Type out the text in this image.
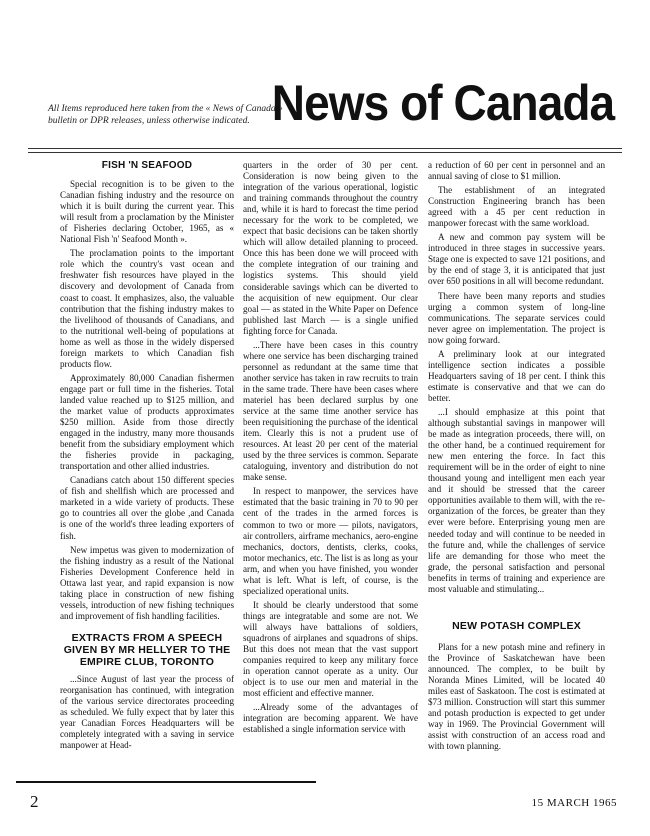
All Items reproduced here taken from the « News of Canada » bulletin or DPR releases, unless otherwise indicated. News of Canada
FISH 'N SEAFOOD

Special recognition is to be given to the Canadian fishing industry and the resource on which it is built during the current year. This will result from a proclamation by the Minister of Fisheries declaring October, 1965, as « National Fish 'n' Seafood Month ».

The proclamation points to the important role which the country's vast ocean and freshwater fish resources have played in the discovery and devolopment of Canada from coast to coast. It emphasizes, also, the valuable contribution that the fishing industry makes to the livelihood of thousands of Canadians, and to the nutritional well-being of populations at home as well as those in the widely dispersed foreign markets to which Canadian fish products flow.

Approximately 80,000 Canadian fishermen engage part or full time in the fisheries. Total landed value reached up to $125 million, and the market value of products approximates $250 million. Aside from those directly engaged in the industry, many more thousands benefit from the subsidiary employment which the fisheries provide in packaging, transportation and other allied industries.

Canadians catch about 150 different species of fish and shellfish which are processed and marketed in a wide variety of products. These go to countries all over the globe ,and Canada is one of the world's three leading exporters of fish.

New impetus was given to modernization of the fishing industry as a result of the National Fisheries Development Conference held in Ottawa last year, and rapid expansion is now taking place in construction of new fishing vessels, introduction of new fishing techniques and improvement of fish handling facilities.

EXTRACTS FROM A SPEECH GIVEN BY MR HELLYER TO THE EMPIRE CLUB, TORONTO

...Since August of last year the process of reorganisation has continued, with integration of the various service directorates proceeding as scheduled. We fully expect that by later this year Canadian Forces Headquarters will be completely integrated with a saving in service manpower at Head-

quarters in the order of 30 per cent. Consideration is now being given to the integration of the various operational, logistic and training commands throughout the country and, while it is hard to forecast the time period necessary for the work to be completed, we expect that basic decisions can be taken shortly which will allow detailed planning to proceed. Once this has been done we will proceed with the complete integration of our training and logistics systems. This should yield considerable savings which can be diverted to the acquisition of new equipment. Our clear goal — as stated in the White Paper on Defence published last March — is a single unified fighting force for Canada.

...There have been cases in this country where one service has been discharging trained personnel as redundant at the same time that another service has taken in raw recruits to train in the same trade. There have been cases where materiel has been declared surplus by one service at the same time another service has been requisitioning the purchase of the identical item. Clearly this is not a prudent use of resources. At least 20 per cent of the material used by the three services is common. Separate cataloguing, inventory and distribution do not make sense.

In respect to manpower, the services have estimated that the basic training in 70 to 90 per cent of the trades in the armed forces is common to two or more — pilots, navigators, air controllers, airframe mechanics, aero-engine mechanics, doctors, dentists, clerks, cooks, motor mechanics, etc. The list is as long as your arm, and when you have finished, you wonder what is left. What is left, of course, is the specialized operational units.

It should be clearly understood that some things are integratable and some are not. We will always have battalions of soldiers, squadrons of airplanes and squadrons of ships. But this does not mean that the vast support companies required to keep any military force in operation cannot operate as a unity. Our object is to use our men and material in the most efficient and effective manner.

...Already some of the advantages of integration are becoming apparent. We have established a single information service with

a reduction of 60 per cent in personnel and an annual saving of close to $1 million.

The establishment of an integrated Construction Engineering branch has been agreed with a 45 per cent reduction in manpower forecast with the same workload.

A new and common pay system will be introduced in three stages in successive years. Stage one is expected to save 121 positions, and by the end of stage 3, it is anticipated that just over 650 positions in all will become redundant.

There have been many reports and studies urging a common system of long-line communications. The separate services could never agree on implementation. The project is now going forward.

A preliminary look at our integrated intelligence section indicates a possible Headquarters saving of 18 per cent. I think this estimate is conservative and that we can do better.

...I should emphasize at this point that although substantial savings in manpower will be made as integration proceeds, there will, on the other hand, be a continued requirement for new men entering the force. In fact this requirement will be in the order of eight to nine thousand young and intelligent men each year and it should be stressed that the career opportunities available to them will, with the re-organization of the forces, be greater than they ever were before. Enterprising young men are needed today and will continue to be needed in the future and, while the challenges of service life are demanding for those who meet the grade, the personal satisfaction and personal benefits in terms of training and experience are most valuable and stimulating...

NEW POTASH COMPLEX

Plans for a new potash mine and refinery in the Province of Saskatchewan have been announced. The complex, to be built by Noranda Mines Limited, will be located 40 miles east of Saskatoon. The cost is estimated at $73 million. Construction will start this summer and potash production is expected to get under way in 1969. The Provincial Government will assist with construction of an access road and with town planning.

2	15 MARCH 1965
